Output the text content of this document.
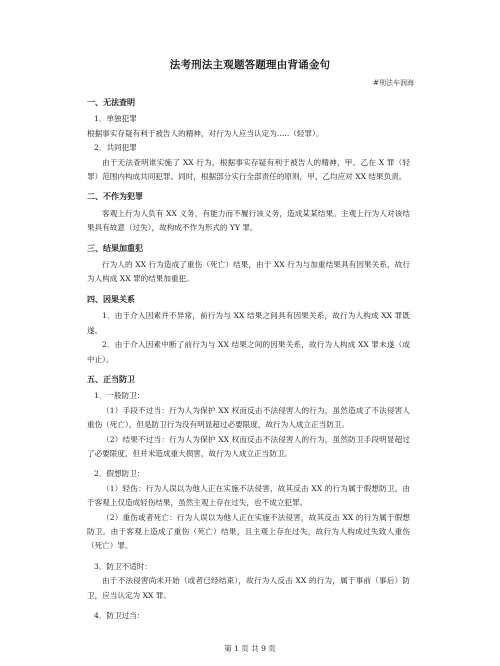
法考刑法主观题答题理由背诵金句
#刑法车润海
一、无法查明
1．单独犯罪
根据事实存疑有利于被告人的精神，对行为人应当认定为…..（轻罪）。
2．共同犯罪
由于无法查明谁实施了 XX 行为，根据事实存疑有利于被告人的精神，甲、乙在 X 罪（轻罪）范围内构成共同犯罪。同时，根据部分实行全部责任的原则，甲、乙均应对 XX 结果负责。
二、不作为犯罪
客观上行为人负有 XX 义务，有能力而不履行该义务，造成某某结果。主观上行为人对该结果具有故意（过失），故构成不作为形式的 YY 罪。
三、结果加重犯
行为人的 XX 行为造成了重伤（死亡）结果，由于 XX 行为与加重结果具有因果关系，故行为人构成 XX 罪的结果加重犯。
四、因果关系
1．由于介入因素并不异常，前行为与 XX 结果之间具有因果关系，故行为人构成 XX 罪既遂。
2．由于介入因素中断了前行为与 XX 结果之间的因果关系，故行为人构成 XX 罪未遂（或中止）。
五、正当防卫
1．一般防卫：
（1）手段不过当：行为人为保护 XX 权而反击不法侵害人的行为，虽然造成了不法侵害人重伤（死亡），但是防卫行为没有明显超过必要限度，故行为人成立正当防卫。
（2）结果不过当：行为人为保护 XX 权而反击不法侵害人的行为，虽然防卫手段明显超过了必要限度，但并未造成重大损害，故行为人成立正当防卫。
2．假想防卫：
（1）轻伤：行为人误以为他人正在实施不法侵害，故其反击 XX 的行为属于假想防卫。由于客观上仅造成轻伤结果，虽然主观上存在过失，也不成立犯罪。
（2）重伤或者死亡：行为人误以为他人正在实施不法侵害，故其反击 XX 的行为属于假想防卫。由于客观上造成了重伤（死亡）结果，且主观上存在过失，故行为人构成过失致人重伤（死亡）罪。
3．防卫不适时：
由于不法侵害尚未开始（或者已经结束），故行为人反击 XX 的行为，属于事前（事后）防卫，应当认定为 XX 罪。
4．防卫过当：
第 1 页 共 9 页
